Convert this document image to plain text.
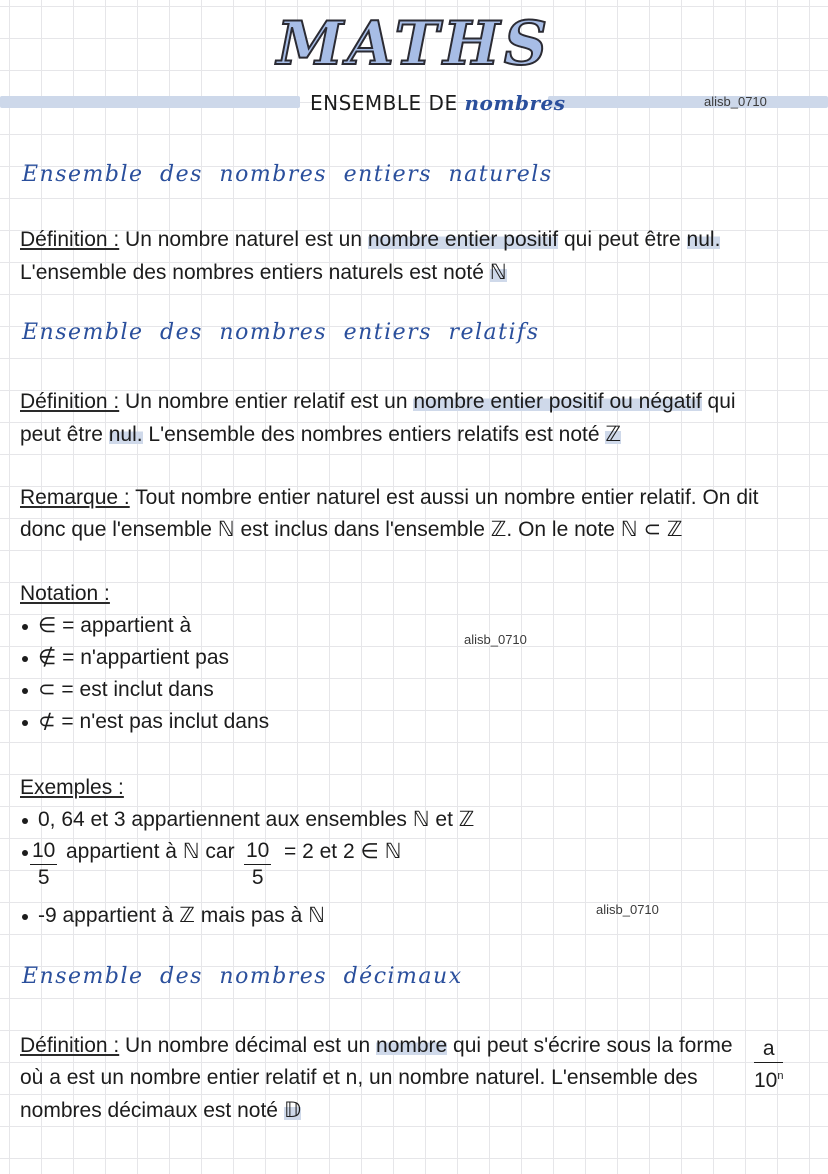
MATHS
ENSEMBLE DE nombres	alisb_0710
Ensemble des nombres entiers naturels
Définition : Un nombre naturel est un nombre entier positif qui peut être nul.
L'ensemble des nombres entiers naturels est noté ℕ
Ensemble des nombres entiers relatifs
Définition : Un nombre entier relatif est un nombre entier positif ou négatif qui
peut être nul. L'ensemble des nombres entiers relatifs est noté ℤ
Remarque : Tout nombre entier naturel est aussi un nombre entier relatif. On dit
donc que l'ensemble ℕ est inclus dans l'ensemble ℤ. On le note ℕ ⊂ ℤ
Notation :
∈ = appartient à
∉ = n'appartient pas
⊂ = est inclut dans
⊄ = n'est pas inclut dans
alisb_0710
Exemples :
0, 64 et 3 appartiennent aux ensembles ℕ et ℤ
$\frac{10}{5}$ appartient à ℕ car $\frac{10}{5} = 2$ et 2 ∈ ℕ
-9 appartient à ℤ mais pas à ℕ	alisb_0710
Ensemble des nombres décimaux
Définition : Un nombre décimal est un nombre qui peut s'écrire sous la forme
où a est un nombre entier relatif et n, un nombre naturel. L'ensemble des
nombres décimaux est noté 𝔻
$\frac{a}{10^n}$
